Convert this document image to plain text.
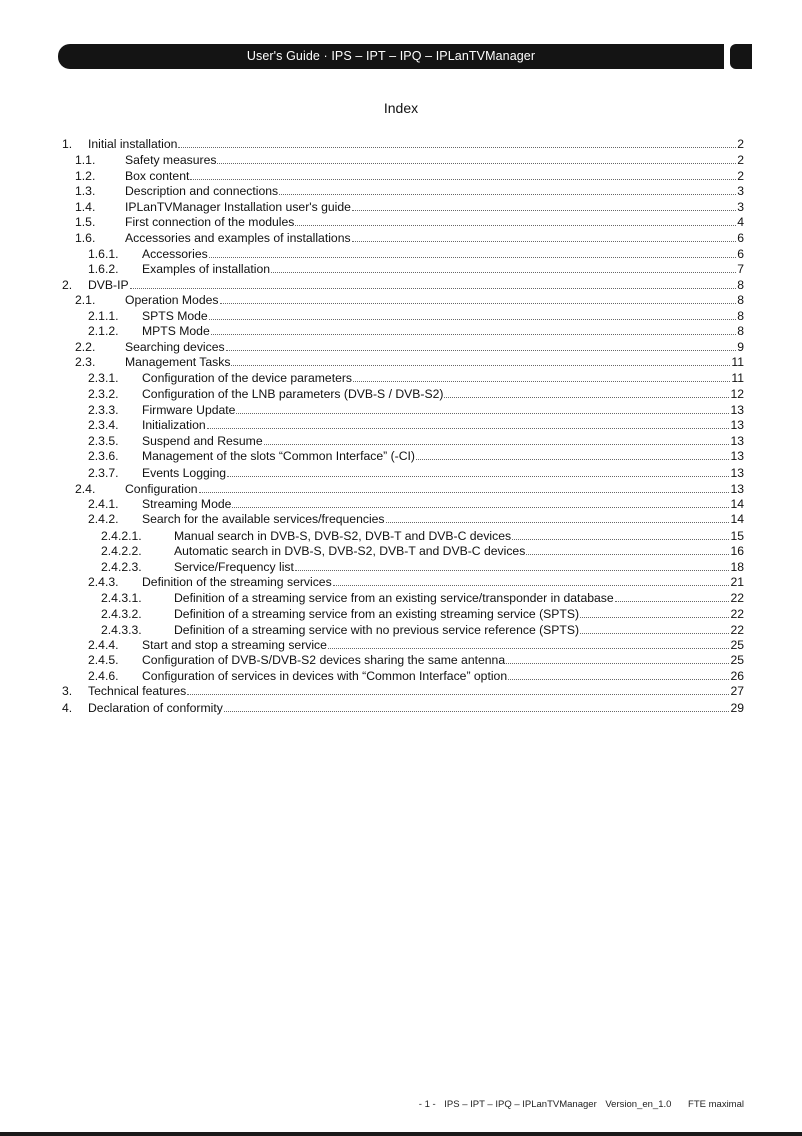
User's Guide · IPS – IPT – IPQ – IPLanTVManager
Index
1. Initial installation	2
1.1. Safety measures	2
1.2. Box content	2
1.3. Description and connections	3
1.4. IPLanTVManager Installation user's guide	3
1.5. First connection of the modules	4
1.6. Accessories and examples of installations	6
1.6.1. Accessories	6
1.6.2. Examples of installation	7
2. DVB-IP	8
2.1. Operation Modes	8
2.1.1. SPTS Mode	8
2.1.2. MPTS Mode	8
2.2. Searching devices	9
2.3. Management Tasks	11
2.3.1. Configuration of the device parameters	11
2.3.2. Configuration of the LNB parameters (DVB-S / DVB-S2)	12
2.3.3. Firmware Update	13
2.3.4. Initialization	13
2.3.5. Suspend and Resume	13
2.3.6. Management of the slots “Common Interface” (-CI)	13
2.3.7. Events Logging	13
2.4. Configuration	13
2.4.1. Streaming Mode	14
2.4.2. Search for the available services/frequencies	14
2.4.2.1.	Manual search in DVB-S, DVB-S2, DVB-T and DVB-C devices	15
2.4.2.2.	Automatic search in DVB-S, DVB-S2, DVB-T and DVB-C devices	16
2.4.2.3.	Service/Frequency list	18
2.4.3. Definition of the streaming services	21
2.4.3.1.	Definition of a streaming service from an existing service/transponder in database	22
2.4.3.2.	Definition of a streaming service from an existing streaming service (SPTS)	22
2.4.3.3.	Definition of a streaming service with no previous service reference (SPTS)	22
2.4.4. Start and stop a streaming service	25
2.4.5. Configuration of DVB-S/DVB-S2 devices sharing the same antenna	25
2.4.6. Configuration of services in devices with “Common Interface” option	26
3. Technical features	27
4. Declaration of conformity	29
- 1 - IPS – IPT – IPQ – IPLanTVManager Version_en_1.0 FTE maximal
